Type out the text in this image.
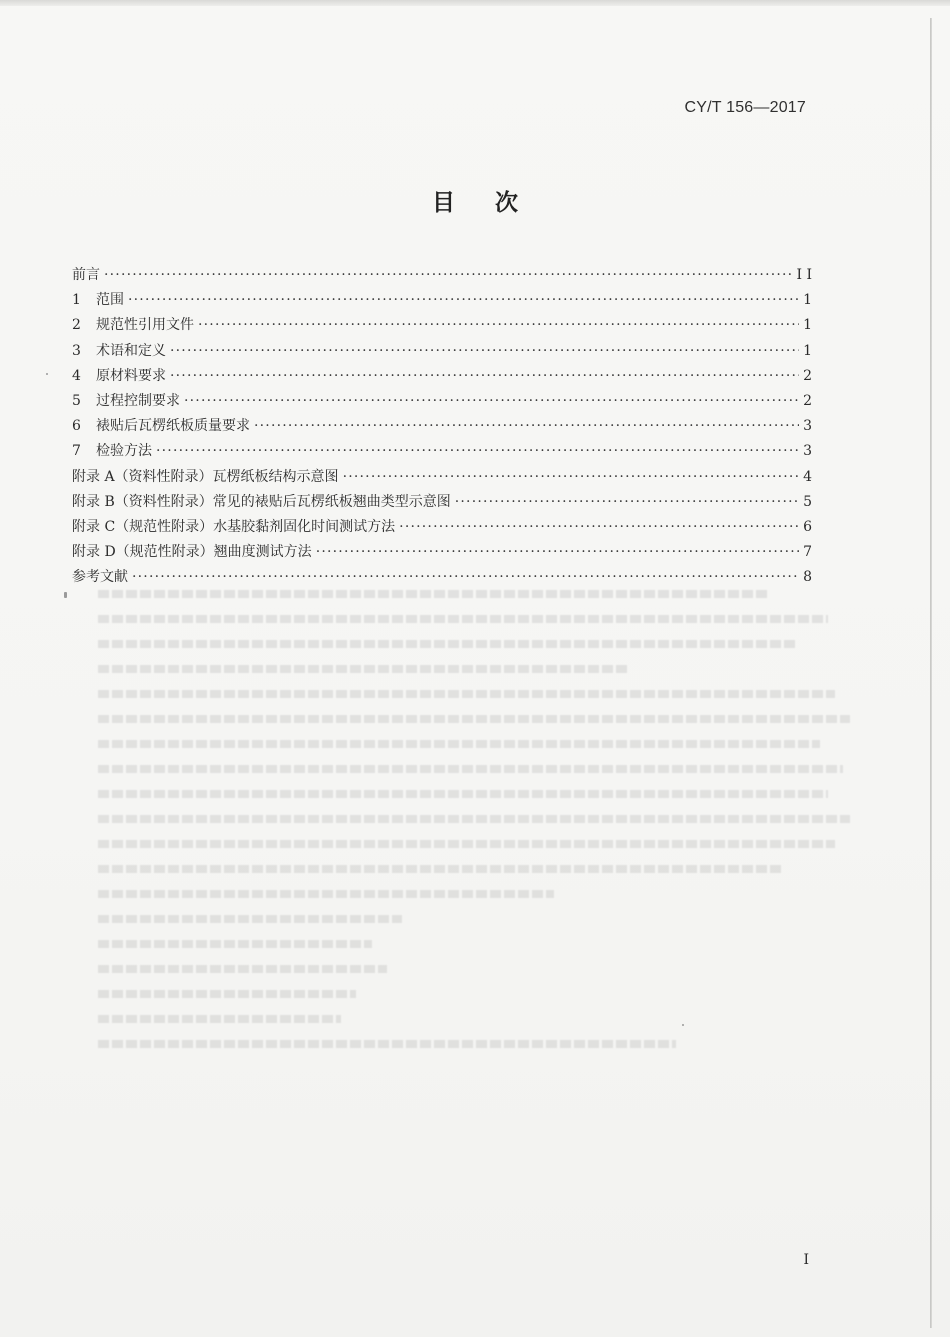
CY/T 156—2017
目 次
前言 ·····	I I
1	范围 ·····	1
2	规范性引用文件 ·····	1
3	术语和定义 ·····	1
4	原材料要求 ·····	2
5	过程控制要求 ·····	2
6	裱贴后瓦楞纸板质量要求 ·····	3
7	检验方法 ·····	3
附录 A（资料性附录）瓦楞纸板结构示意图 ·····	4
附录 B（资料性附录）常见的裱贴后瓦楞纸板翘曲类型示意图 ·····	5
附录 C（规范性附录）水基胶黏剂固化时间测试方法 ·····	6
附录 D（规范性附录）翘曲度测试方法 ·····	7
参考文献 ·····	8
I
